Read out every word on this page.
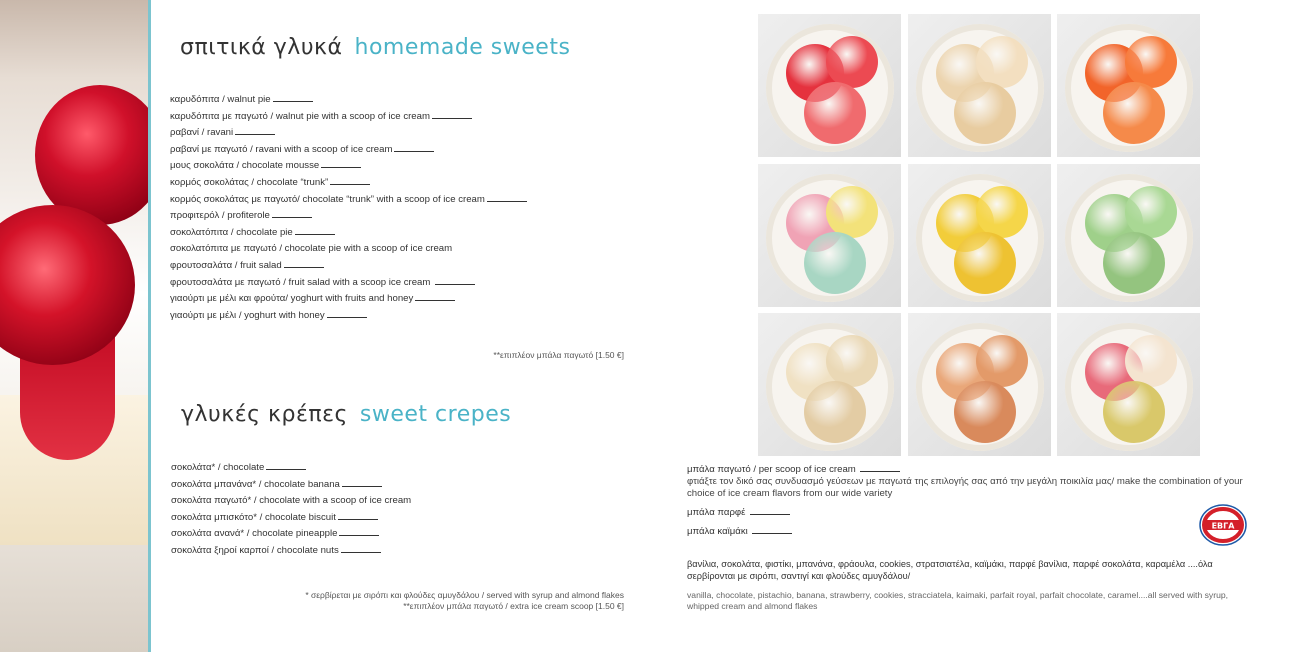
σπιτικά γλυκά homemade sweets
καρυδόπιτα / walnut pie
καρυδόπιτα με παγωτό / walnut pie with a scoop of ice cream
ραβανί / ravani
ραβανί με παγωτό / ravani with a scoop of ice cream
μους σοκολάτα / chocolate mousse
κορμός σοκολάτας / chocolate “trunk”
κορμός σοκολάτας με παγωτό/ chocolate “trunk” with a scoop of ice cream
προφιτερόλ / profiterole
σοκολατόπιτα / chocolate pie
σοκολατόπιτα με παγωτό / chocolate pie with a scoop of ice cream
φρουτοσαλάτα / fruit salad
φρουτοσαλάτα με παγωτό / fruit salad with a scoop ice cream
γιαούρτι με μέλι και φρούτα/ yoghurt with fruits and honey
γιαούρτι με μέλι / yoghurt with honey
**επιπλέον μπάλα παγωτό [1.50 €]
γλυκές κρέπες sweet crepes
σοκολάτα* / chocolate
σοκολάτα μπανάνα* / chocolate banana
σοκολάτα παγωτό* / chocolate with a scoop of ice cream
σοκολάτα μπισκότο* / chocolate biscuit
σοκολάτα ανανά* / chocolate pineapple
σοκολάτα ξηροί καρποί / chocolate nuts
* σερβίρεται με σιρόπι και φλούδες αμυγδάλου / served with syrup and almond flakes
**επιπλέον μπάλα παγωτό / extra ice cream scoop [1.50 €]
μπάλα παγωτό / per scoop of ice cream
φτιάξτε τον δικό σας συνδυασμό γεύσεων με παγωτά της επιλογής σας από την μεγάλη ποικιλία μας/ make the combination of your choice of ice cream flavors from our wide variety
μπάλα παρφέ
μπάλα καϊμάκι
βανίλια, σοκολάτα, φιστίκι, μπανάνα, φράουλα, cookies, στρατσιατέλα, καϊμάκι, παρφέ βανίλια, παρφέ σοκολάτα, καραμέλα ....όλα σερβίρονται με σιρόπι, σαντιγί και φλούδες αμυγδάλου/
vanilla, chocolate, pistachio, banana, strawberry, cookies, stracciatela, kaimaki, parfait royal, parfait chocolate, caramel....all served with syrup, whipped cream and almond flakes
ΕΒΓΑ
